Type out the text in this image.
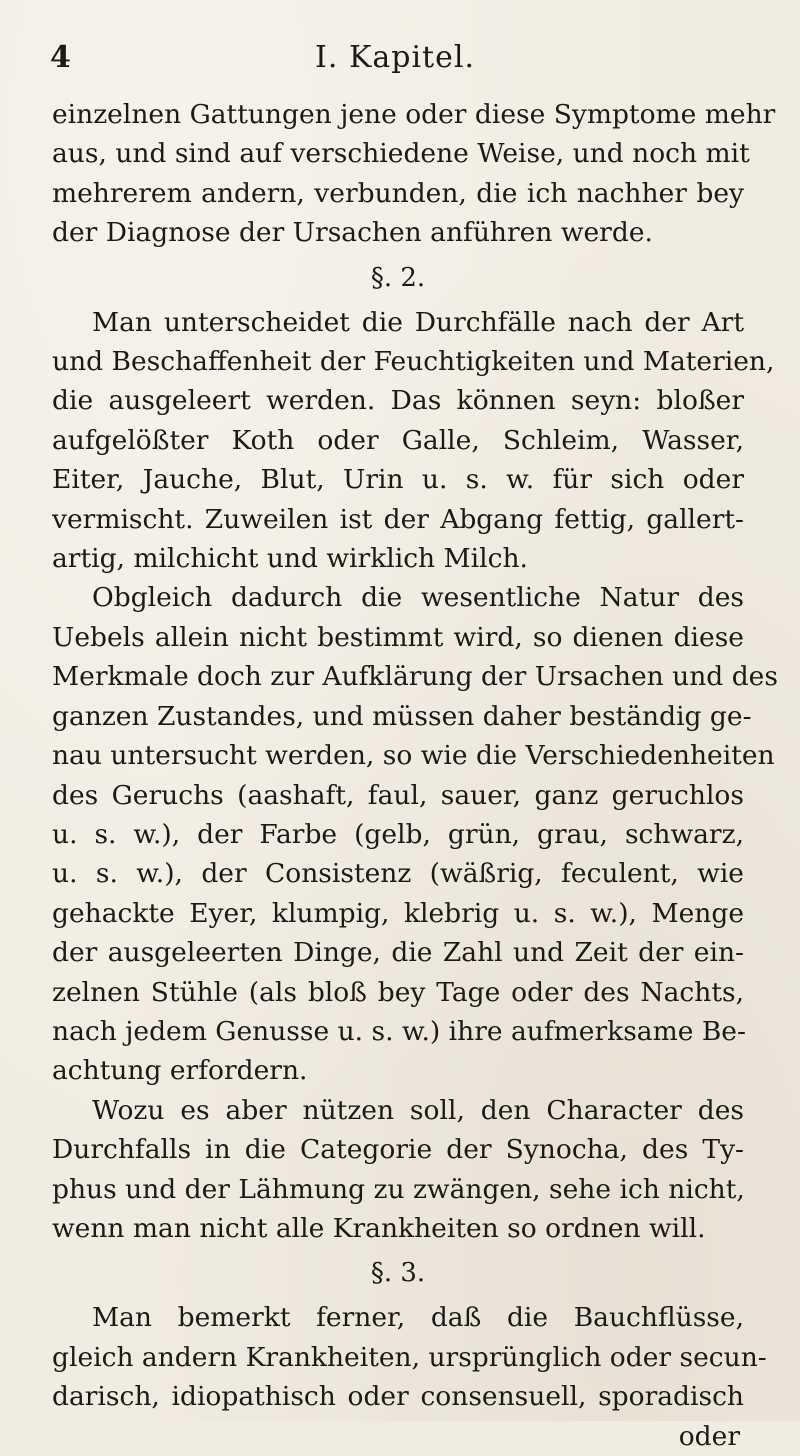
4	I. Kapitel.
einzelnen Gattungen jene oder diese Symptome mehr
aus, und sind auf verschiedene Weise, und noch mit
mehrerem andern, verbunden, die ich nachher bey
der Diagnose der Ursachen anführen werde.
§. 2.
Man unterscheidet die Durchfälle nach der Art
und Beschaffenheit der Feuchtigkeiten und Materien,
die ausgeleert werden. Das können seyn: bloßer
aufgelößter Koth oder Galle, Schleim, Wasser,
Eiter, Jauche, Blut, Urin u. s. w. für sich oder
vermischt. Zuweilen ist der Abgang fettig, gallert-
artig, milchicht und wirklich Milch.
Obgleich dadurch die wesentliche Natur des
Uebels allein nicht bestimmt wird, so dienen diese
Merkmale doch zur Aufklärung der Ursachen und des
ganzen Zustandes, und müssen daher beständig ge-
nau untersucht werden, so wie die Verschiedenheiten
des Geruchs (aashaft, faul, sauer, ganz geruchlos
u. s. w.), der Farbe (gelb, grün, grau, schwarz,
u. s. w.), der Consistenz (wäßrig, feculent, wie
gehackte Eyer, klumpig, klebrig u. s. w.), Menge
der ausgeleerten Dinge, die Zahl und Zeit der ein-
zelnen Stühle (als bloß bey Tage oder des Nachts,
nach jedem Genusse u. s. w.) ihre aufmerksame Be-
achtung erfordern.
Wozu es aber nützen soll, den Character des
Durchfalls in die Categorie der Synocha, des Ty-
phus und der Lähmung zu zwängen, sehe ich nicht,
wenn man nicht alle Krankheiten so ordnen will.
§. 3.
Man bemerkt ferner, daß die Bauchflüsse,
gleich andern Krankheiten, ursprünglich oder secun-
darisch, idiopathisch oder consensuell, sporadisch
oder
